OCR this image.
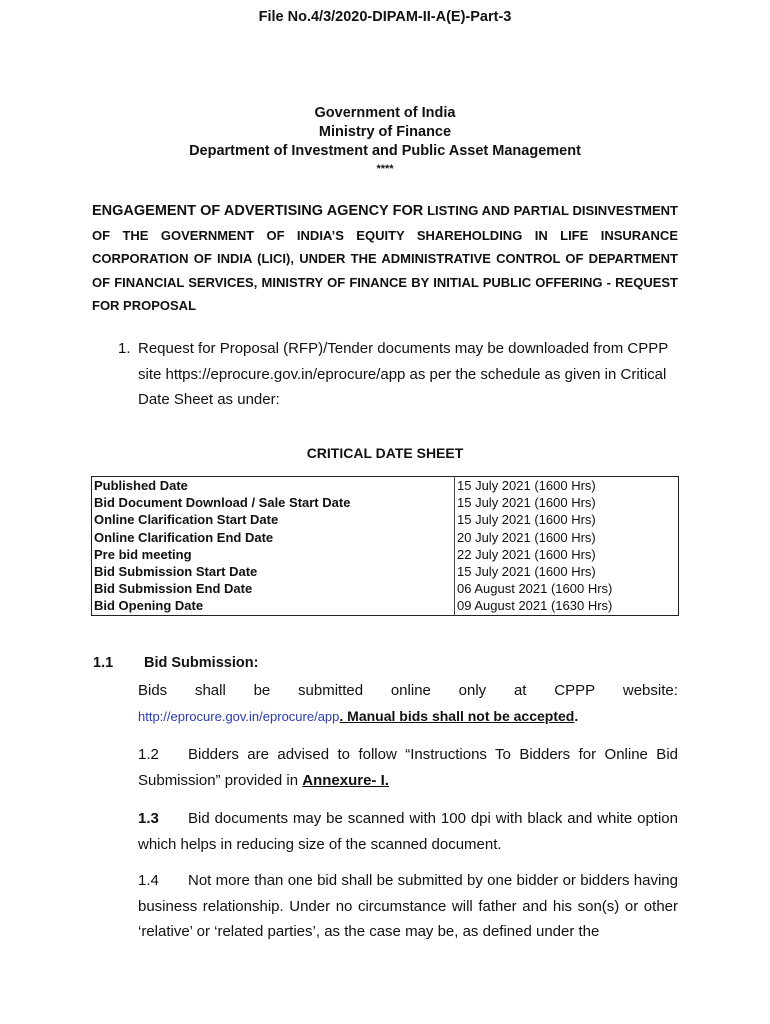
File No.4/3/2020-DIPAM-II-A(E)-Part-3
Government of India
Ministry of Finance
Department of Investment and Public Asset Management
****
ENGAGEMENT OF ADVERTISING AGENCY FOR LISTING AND PARTIAL DISINVESTMENT OF THE GOVERNMENT OF INDIA’S EQUITY SHAREHOLDING IN LIFE INSURANCE CORPORATION OF INDIA (LICI), UNDER THE ADMINISTRATIVE CONTROL OF DEPARTMENT OF FINANCIAL SERVICES, MINISTRY OF FINANCE BY INITIAL PUBLIC OFFERING - REQUEST FOR PROPOSAL
1. Request for Proposal (RFP)/Tender documents may be downloaded from CPPP site https://eprocure.gov.in/eprocure/app as per the schedule as given in Critical Date Sheet as under:
CRITICAL DATE SHEET
Published Date	15 July 2021 (1600 Hrs)
Bid Document Download / Sale Start Date	15 July 2021 (1600 Hrs)
Online Clarification Start Date	15 July 2021 (1600 Hrs)
Online Clarification End Date	20 July 2021 (1600 Hrs)
Pre bid meeting	22 July 2021 (1600 Hrs)
Bid Submission Start Date	15 July 2021 (1600 Hrs)
Bid Submission End Date	06 August 2021 (1600 Hrs)
Bid Opening Date	09 August 2021 (1630 Hrs)
1.1 Bid Submission:
Bids shall be submitted online only at CPPP website:
http://eprocure.gov.in/eprocure/app. Manual bids shall not be accepted.
1.2 Bidders are advised to follow “Instructions To Bidders for Online Bid Submission” provided in Annexure- I.
1.3 Bid documents may be scanned with 100 dpi with black and white option which helps in reducing size of the scanned document.
1.4 Not more than one bid shall be submitted by one bidder or bidders having business relationship. Under no circumstance will father and his son(s) or other ‘relative’ or ‘related parties’, as the case may be, as defined under the
